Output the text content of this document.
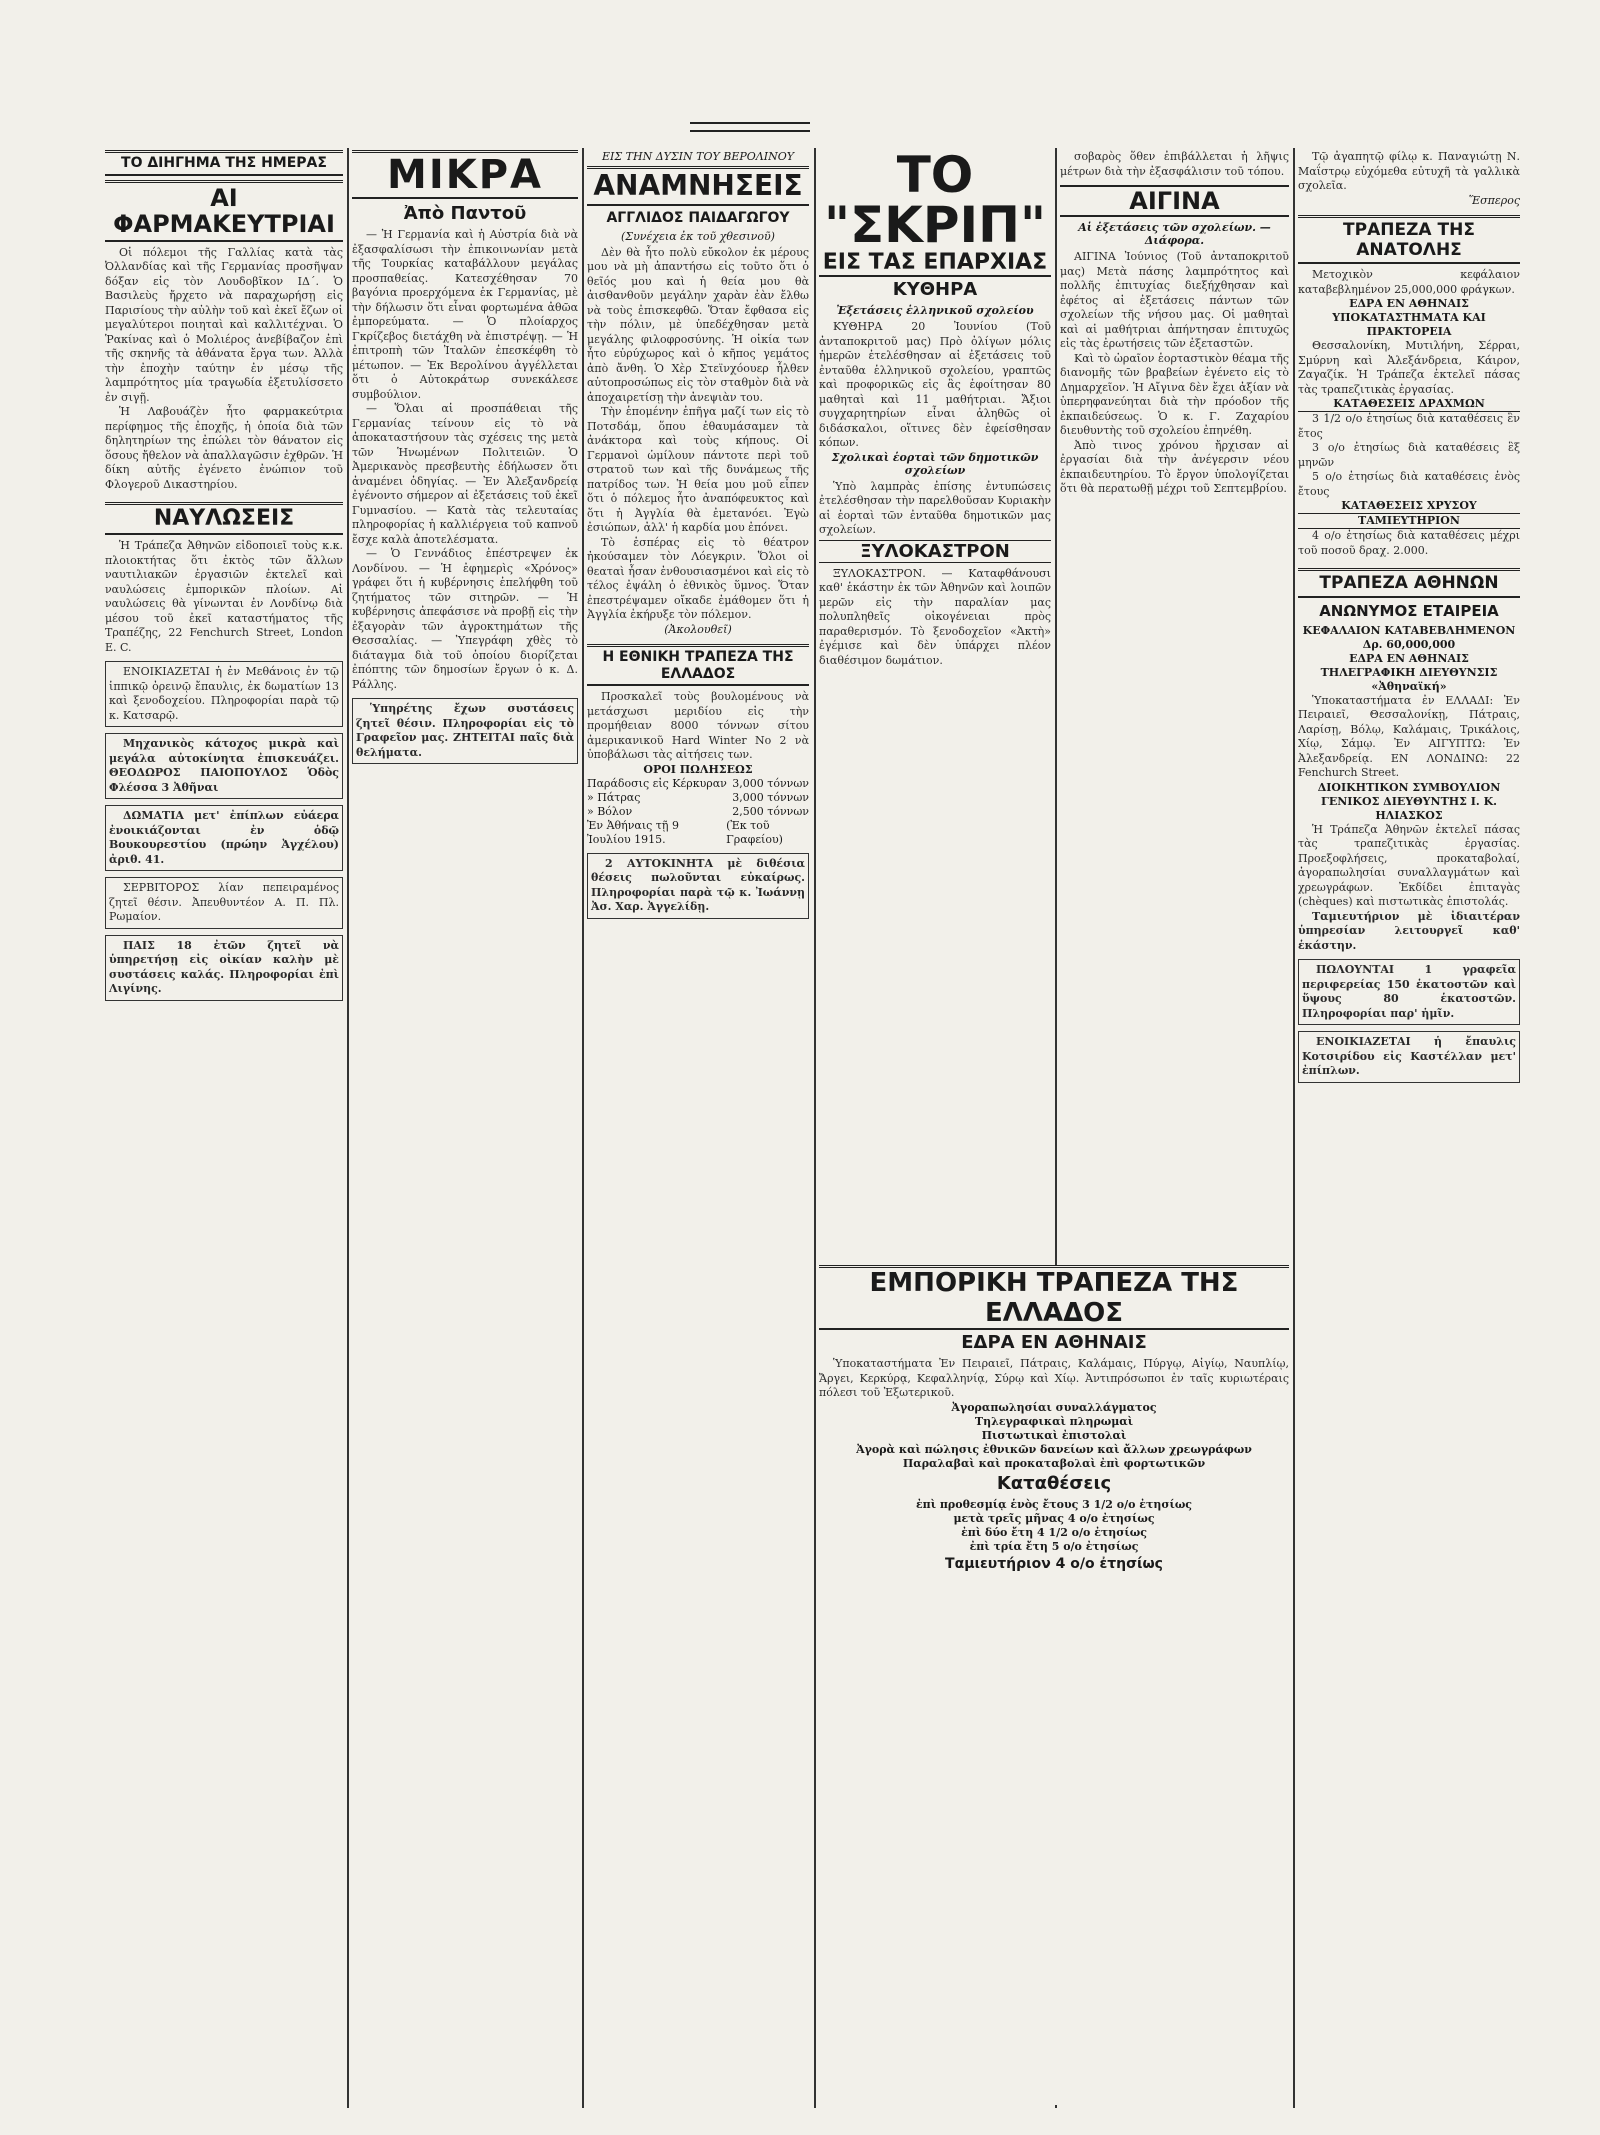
ΤΟ ΔΙΗΓΗΜΑ ΤΗΣ ΗΜΕΡΑΣ
ΑΙ ΦΑΡΜΑΚΕΥΤΡΙΑΙ

Οἱ πόλεμοι τῆς Γαλλίας κατὰ τὰς Ὀλλανδίας καὶ τῆς Γερμανίας προσῆψαν δόξαν εἰς τὸν Λουδοβῖκον ΙΔ΄. Ὁ Βασιλεὺς ἤρχετο νὰ παραχωρήσῃ εἰς Παρισίους τὴν αὐλὴν τοῦ καὶ ἐκεῖ ἔζων οἱ μεγαλύτεροι ποιηταὶ καὶ καλλιτέχναι. Ὁ Ῥακίνας καὶ ὁ Μολιέρος ἀνεβίβαζον ἐπὶ τῆς σκηνῆς τὰ ἀθάνατα ἔργα των. Ἀλλὰ τὴν ἐποχὴν ταύτην ἐν μέσῳ τῆς λαμπρότητος μία τραγωδία ἐξετυλίσσετο ἐν σιγῇ.

Ἡ Λαβουάζὲν ἦτο φαρμακεύτρια περίφημος τῆς ἐποχῆς, ἡ ὁποία διὰ τῶν δηλητηρίων της ἐπώλει τὸν θάνατον εἰς ὅσους ἤθελον νὰ ἀπαλλαγῶσιν ἐχθρῶν. Ἡ δίκη αὐτῆς ἐγένετο ἐνώπιον τοῦ Φλογεροῦ Δικαστηρίου.

ΝΑΥΛΩΣΕΙΣ

Ἡ Τράπεζα Ἀθηνῶν εἰδοποιεῖ τοὺς κ.κ. πλοιοκτήτας ὅτι ἐκτὸς τῶν ἄλλων ναυτιλιακῶν ἐργασιῶν ἐκτελεῖ καὶ ναυλώσεις ἐμπορικῶν πλοίων. Αἱ ναυλώσεις θὰ γίνωνται ἐν Λονδίνῳ διὰ μέσου τοῦ ἐκεῖ καταστήματος τῆς Τραπέζης, 22 Fenchurch Street, London E. C.

ΕΝΟΙΚΙΑΖΕΤΑΙ ἡ ἐν Μεθάνοις ἐν τῷ ἱππικῷ ὀρεινῷ ἔπαυλις, ἐκ δωματίων 13 καὶ ξενοδοχείου. Πληροφορίαι παρὰ τῷ κ. Κατσαρῷ.

Μηχανικὸς κάτοχος μικρὰ καὶ μεγάλα αὐτοκίνητα ἐπισκευάζει. ΘΕΟΔΩΡΟΣ ΠΑΙΟΠΟΥΛΟΣ Ὁδὸς Φλέσσα 3 Ἀθῆναι

ΔΩΜΑΤΙΑ μετ' ἐπίπλων εὐάερα ἐνοικιάζονται ἐν ὁδῷ Βουκουρεστίου (πρώην Ἀγχέλου) ἀριθ. 41.

ΣΕΡΒΙΤΟΡΟΣ λίαν πεπειραμένος ζητεῖ θέσιν. Ἀπευθυντέον Α. Π. Πλ. Ρωμαίον.

ΠΑΙΣ 18 ἐτῶν ζητεῖ νὰ ὑπηρετήσῃ εἰς οἰκίαν καλὴν μὲ συστάσεις καλάς. Πληροφορίαι ἐπὶ Λιγίνης.

ΜΙΚΡΑ
Ἀπὸ Παντοῦ

— Ἡ Γερμανία καὶ ἡ Αὐστρία διὰ νὰ ἐξασφαλίσωσι τὴν ἐπικοινωνίαν μετὰ τῆς Τουρκίας καταβάλλουν μεγάλας προσπαθείας. Κατεσχέθησαν 70 βαγόνια προερχόμενα ἐκ Γερμανίας, μὲ τὴν δήλωσιν ὅτι εἶναι φορτωμένα ἀθῶα ἐμπορεύματα. — Ὁ πλοίαρχος Γκρίζεβος διετάχθη νὰ ἐπιστρέψῃ. — Ἡ ἐπιτροπὴ τῶν Ἰταλῶν ἐπεσκέφθη τὸ μέτωπον. — Ἐκ Βερολίνου ἀγγέλλεται ὅτι ὁ Αὐτοκράτωρ συνεκάλεσε συμβούλιον.

— Ὅλαι αἱ προσπάθειαι τῆς Γερμανίας τείνουν εἰς τὸ νὰ ἀποκαταστήσουν τὰς σχέσεις της μετὰ τῶν Ἡνωμένων Πολιτειῶν. Ὁ Ἀμερικανὸς πρεσβευτὴς ἐδήλωσεν ὅτι ἀναμένει ὁδηγίας. — Ἐν Ἀλεξανδρείᾳ ἐγένοντο σήμερον αἱ ἐξετάσεις τοῦ ἐκεῖ Γυμνασίου. — Κατὰ τὰς τελευταίας πληροφορίας ἡ καλλιέργεια τοῦ καπνοῦ ἔσχε καλὰ ἀποτελέσματα.

— Ὁ Γεννάδιος ἐπέστρεψεν ἐκ Λονδίνου. — Ἡ ἐφημερὶς «Χρόνος» γράφει ὅτι ἡ κυβέρνησις ἐπελήφθη τοῦ ζητήματος τῶν σιτηρῶν. — Ἡ κυβέρνησις ἀπεφάσισε νὰ προβῇ εἰς τὴν ἐξαγορὰν τῶν ἀγροκτημάτων τῆς Θεσσαλίας. — Ὑπεγράφη χθὲς τὸ διάταγμα διὰ τοῦ ὁποίου διορίζεται ἐπόπτης τῶν δημοσίων ἔργων ὁ κ. Δ. Ράλλης.

Ὑπηρέτης ἔχων συστάσεις ζητεῖ θέσιν. Πληροφορίαι εἰς τὸ Γραφεῖον μας. ΖΗΤΕΙΤΑΙ παῖς διὰ θελήματα.

ΕΙΣ ΤΗΝ ΔΥΣΙΝ ΤΟΥ ΒΕΡΟΛΙΝΟΥ
ΑΝΑΜΝΗΣΕΙΣ
ΑΓΓΛΙΔΟΣ ΠΑΙΔΑΓΩΓΟΥ
(Συνέχεια ἐκ τοῦ χθεσινοῦ)

Δὲν θὰ ἦτο πολὺ εὔκολον ἐκ μέρους μου νὰ μὴ ἀπαντήσω εἰς τοῦτο ὅτι ὁ θεῖός μου καὶ ἡ θεία μου θὰ ἀισθανθοῦν μεγάλην χαρὰν ἐὰν ἔλθω νὰ τοὺς ἐπισκεφθῶ. Ὅταν ἔφθασα εἰς τὴν πόλιν, μὲ ὑπεδέχθησαν μετὰ μεγάλης φιλοφροσύνης. Ἡ οἰκία των ἦτο εὐρύχωρος καὶ ὁ κῆπος γεμάτος ἀπὸ ἄνθη. Ὁ Χὲρ Στεϊνχόουερ ἦλθεν αὐτοπροσώπως εἰς τὸν σταθμὸν διὰ νὰ ἀποχαιρετίσῃ τὴν ἀνεψιὰν του.

Τὴν ἑπομένην ἐπῆγα μαζί των εἰς τὸ Ποτσδάμ, ὅπου ἐθαυμάσαμεν τὰ ἀνάκτορα καὶ τοὺς κήπους. Οἱ Γερμανοὶ ὡμίλουν πάντοτε περὶ τοῦ στρατοῦ των καὶ τῆς δυνάμεως τῆς πατρίδος των. Ἡ θεία μου μοῦ εἶπεν ὅτι ὁ πόλεμος ἦτο ἀναπόφευκτος καὶ ὅτι ἡ Ἀγγλία θὰ ἐμετανόει. Ἐγὼ ἐσιώπων, ἀλλ' ἡ καρδία μου ἐπόνει.

Τὸ ἑσπέρας εἰς τὸ θέατρον ἠκούσαμεν τὸν Λόεγκριν. Ὅλοι οἱ θεαταὶ ἦσαν ἐνθουσιασμένοι καὶ εἰς τὸ τέλος ἐψάλη ὁ ἐθνικὸς ὕμνος. Ὅταν ἐπεστρέψαμεν οἴκαδε ἐμάθομεν ὅτι ἡ Ἀγγλία ἐκήρυξε τὸν πόλεμον.

(Ἀκολουθεῖ)
Η ΕΘΝΙΚΗ ΤΡΑΠΕΖΑ ΤΗΣ ΕΛΛΑΔΟΣ

Προσκαλεῖ τοὺς βουλομένους νὰ μετάσχωσι μεριδίου εἰς τὴν προμήθειαν 8000 τόννων σίτου ἀμερικανικοῦ Hard Winter No 2 νὰ ὑποβάλωσι τὰς αἰτήσεις των.

ΟΡΟΙ ΠΩΛΗΣΕΩΣ
Παράδοσις εἰς Κέρκυραν 3,000 τόννων
» Πάτρας	3,000 τόννων
» Βόλον	2,500 τόννων
Ἐν Ἀθήναις τῇ 9 Ἰουλίου 1915.
(Ἐκ τοῦ Γραφείου)

2 ΑΥΤΟΚΙΝΗΤΑ μὲ διθέσια θέσεις πωλοῦνται εὐκαίρως. Πληροφορίαι παρὰ τῷ κ. Ἰωάννῃ Ἀσ. Χαρ. Ἀγγελίδῃ.

ΤΟ "ΣΚΡΙΠ"
ΕΙΣ ΤΑΣ ΕΠΑΡΧΙΑΣ
ΚΥΘΗΡΑ
Ἐξετάσεις ἑλληνικοῦ σχολείου

ΚΥΘΗΡΑ 20 Ἰουνίου (Τοῦ ἀνταποκριτοῦ μας) Πρὸ ὀλίγων μόλις ἡμερῶν ἐτελέσθησαν αἱ ἐξετάσεις τοῦ ἐνταῦθα ἑλληνικοῦ σχολείου, γραπτῶς καὶ προφορικῶς εἰς ἃς ἐφοίτησαν 80 μαθηταὶ καὶ 11 μαθήτριαι. Ἄξιοι συγχαρητηρίων εἶναι ἀληθῶς οἱ διδάσκαλοι, οἵτινες δὲν ἐφείσθησαν κόπων.

Σχολικαὶ ἑορταὶ τῶν δημοτικῶν σχολείων

Ὑπὸ λαμπρὰς ἐπίσης ἐντυπώσεις ἐτελέσθησαν τὴν παρελθοῦσαν Κυριακὴν αἱ ἑορταὶ τῶν ἐνταῦθα δημοτικῶν μας σχολείων.

ΞΥΛΟΚΑΣΤΡΟΝ

ΞΥΛΟΚΑΣΤΡΟΝ. — Καταφθάνουσι καθ' ἑκάστην ἐκ τῶν Ἀθηνῶν καὶ λοιπῶν μερῶν εἰς τὴν παραλίαν μας πολυπληθεῖς οἰκογένειαι πρὸς παραθερισμόν. Τὸ ξενοδοχεῖον «Ἀκτὴ» ἐγέμισε καὶ δὲν ὑπάρχει πλέον διαθέσιμον δωμάτιον.

σοβαρὸς ὅθεν ἐπιβάλλεται ἡ λῆψις μέτρων διὰ τὴν ἐξασφάλισιν τοῦ τόπου.

ΑΙΓΙΝΑ
Αἱ ἐξετάσεις τῶν σχολείων. — Διάφορα.

ΑΙΓΙΝΑ Ἰούνιος (Τοῦ ἀνταποκριτοῦ μας) Μετὰ πάσης λαμπρότητος καὶ πολλῆς ἐπιτυχίας διεξήχθησαν καὶ ἐφέτος αἱ ἐξετάσεις πάντων τῶν σχολείων τῆς νήσου μας. Οἱ μαθηταὶ καὶ αἱ μαθήτριαι ἀπήντησαν ἐπιτυχῶς εἰς τὰς ἐρωτήσεις τῶν ἐξεταστῶν.

Καὶ τὸ ὡραῖον ἑορταστικὸν θέαμα τῆς διανομῆς τῶν βραβείων ἐγένετο εἰς τὸ Δημαρχεῖον. Ἡ Αἴγινα δὲν ἔχει ἀξίαν νὰ ὑπερηφανεύηται διὰ τὴν πρόοδον τῆς ἐκπαιδεύσεως. Ὁ κ. Γ. Ζαχαρίου διευθυντὴς τοῦ σχολείου ἐπηνέθη.

Ἀπὸ τινος χρόνου ἤρχισαν αἱ ἐργασίαι διὰ τὴν ἀνέγερσιν νέου ἐκπαιδευτηρίου. Τὸ ἔργον ὑπολογίζεται ὅτι θὰ περατωθῇ μέχρι τοῦ Σεπτεμβρίου.

ΕΜΠΟΡΙΚΗ ΤΡΑΠΕΖΑ ΤΗΣ ΕΛΛΑΔΟΣ
ΕΔΡΑ ΕΝ ΑΘΗΝΑΙΣ

Ὑποκαταστήματα Ἐν Πειραιεῖ, Πάτραις, Καλάμαις, Πύργῳ, Αἰγίῳ, Ναυπλίῳ, Ἄργει, Κερκύρᾳ, Κεφαλληνίᾳ, Σύρῳ καὶ Χίῳ. Ἀντιπρόσωποι ἐν ταῖς κυριωτέραις πόλεσι τοῦ Ἐξωτερικοῦ.

Ἀγοραπωλησίαι συναλλάγματος
Τηλεγραφικαὶ πληρωμαὶ
Πιστωτικαὶ ἐπιστολαὶ
Ἀγορὰ καὶ πώλησις ἐθνικῶν δανείων καὶ ἄλλων χρεωγράφων
Παραλαβαὶ καὶ προκαταβολαὶ ἐπὶ φορτωτικῶν
Καταθέσεις
ἐπὶ προθεσμίᾳ ἑνὸς ἔτους 3 1/2 ο/ο ἐτησίως
μετὰ τρεῖς μῆνας 4 ο/ο ἐτησίως
ἐπὶ δύο ἔτη 4 1/2 ο/ο ἐτησίως
ἐπὶ τρία ἔτη 5 ο/ο ἐτησίως
Ταμιευτήριον 4 ο/ο ἐτησίως

Τῷ ἀγαπητῷ φίλῳ κ. Παναγιώτῃ Ν. Μαΐστρῳ εὐχόμεθα εὐτυχῆ τὰ γαλλικὰ σχολεῖα.

Ἕσπερος
ΤΡΑΠΕΖΑ ΤΗΣ ΑΝΑΤΟΛΗΣ

Μετοχικὸν κεφάλαιον καταβεβλημένον 25,000,000 φράγκων.

ΕΔΡΑ ΕΝ ΑΘΗΝΑΙΣ
ΥΠΟΚΑΤΑΣΤΗΜΑΤΑ ΚΑΙ ΠΡΑΚΤΟΡΕΙΑ

Θεσσαλονίκη, Μυτιλήνη, Σέρραι, Σμύρνη καὶ Ἀλεξάνδρεια, Κάιρον, Ζαγαζίκ. Ἡ Τράπεζα ἐκτελεῖ πάσας τὰς τραπεζιτικὰς ἐργασίας.

ΚΑΤΑΘΕΣΕΙΣ ΔΡΑΧΜΩΝ

3 1/2 ο/ο ἐτησίως διὰ καταθέσεις ἓν ἔτος

3 ο/ο ἐτησίως διὰ καταθέσεις ἓξ μηνῶν

5 ο/ο ἐτησίως διὰ καταθέσεις ἑνὸς ἔτους

ΚΑΤΑΘΕΣΕΙΣ ΧΡΥΣΟΥ
ΤΑΜΙΕΥΤΗΡΙΟΝ

4 ο/ο ἐτησίως διὰ καταθέσεις μέχρι τοῦ ποσοῦ δραχ. 2.000.

ΤΡΑΠΕΖΑ ΑΘΗΝΩΝ
ΑΝΩΝΥΜΟΣ ΕΤΑΙΡΕΙΑ
ΚΕΦΑΛΑΙΟΝ ΚΑΤΑΒΕΒΛΗΜΕΝΟΝ Δρ. 60,000,000
ΕΔΡΑ ΕΝ ΑΘΗΝΑΙΣ
ΤΗΛΕΓΡΑΦΙΚΗ ΔΙΕΥΘΥΝΣΙΣ «Ἀθηναϊκή»

Ὑποκαταστήματα ἐν ΕΛΛΑΔΙ: Ἐν Πειραιεῖ, Θεσσαλονίκῃ, Πάτραις, Λαρίσῃ, Βόλῳ, Καλάμαις, Τρικάλοις, Χίῳ, Σάμῳ. Ἐν ΑΙΓΥΠΤΩ: Ἐν Ἀλεξανδρείᾳ. ΕΝ ΛΟΝΔΙΝΩ: 22 Fenchurch Street.

ΔΙΟΙΚΗΤΙΚΟΝ ΣΥΜΒΟΥΛΙΟΝ
ΓΕΝΙΚΟΣ ΔΙΕΥΘΥΝΤΗΣ Ι. Κ. ΗΛΙΑΣΚΟΣ

Ἡ Τράπεζα Ἀθηνῶν ἐκτελεῖ πάσας τὰς τραπεζιτικὰς ἐργασίας. Προεξοφλήσεις, προκαταβολαί, ἀγοραπωλησίαι συναλλαγμάτων καὶ χρεωγράφων. Ἐκδίδει ἐπιταγὰς (chèques) καὶ πιστωτικὰς ἐπιστολάς.

Ταμιευτήριον μὲ ἰδιαιτέραν ὑπηρεσίαν λειτουργεῖ καθ' ἑκάστην.

ΠΩΛΟΥΝΤΑΙ 1 γραφεῖα περιφερείας 150 ἑκατοστῶν καὶ ὕψους 80 ἑκατοστῶν. Πληροφορίαι παρ' ἡμῖν.

ΕΝΟΙΚΙΑΖΕΤΑΙ ἡ ἔπαυλις Κοτσιρίδου εἰς Καστέλλαν μετ' ἐπίπλων.
